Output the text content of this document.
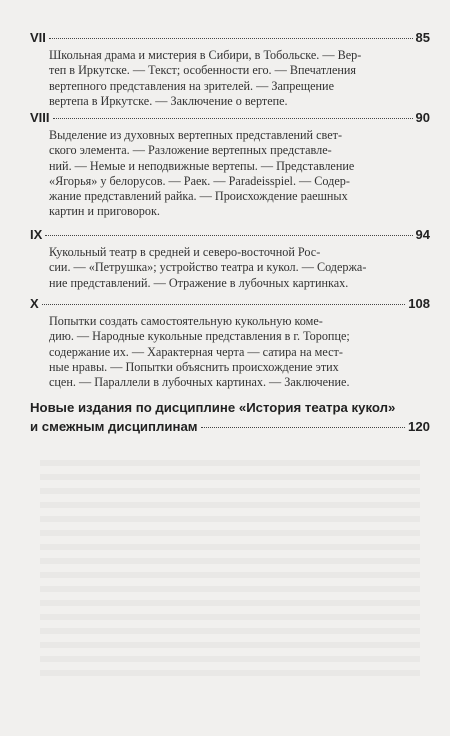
VII	85
Школьная драма и мистерия в Сибири, в Тобольске. — Вер-
теп в Иркутске. — Текст; особенности его. — Впечатления
вертепного представления на зрителей. — Запрещение
вертепа в Иркутске. — Заключение о вертепе.
VIII	90
Выделение из духовных вертепных представлений свет-
ского элемента. — Разложение вертепных представле-
ний. — Немые и неподвижные вертепы. — Представление
«Ягорья» у белорусов. — Раек. — Paradeisspiel. — Содер-
жание представлений райка. — Происхождение раешных
картин и приговорок.
IX	94
Кукольный театр в средней и северо-восточной Рос-
сии. — «Петрушка»; устройство театра и кукол. — Содержа-
ние представлений. — Отражение в лубочных картинках.
X	108
Попытки создать самостоятельную кукольную коме-
дию. — Народные кукольные представления в г. Торопце;
содержание их. — Характерная черта — сатира на мест-
ные нравы. — Попытки объяснить происхождение этих
сцен. — Параллели в лубочных картинах. — Заключение.
Новые издания по дисциплине «История театра кукол»
и смежным дисциплинам	120
